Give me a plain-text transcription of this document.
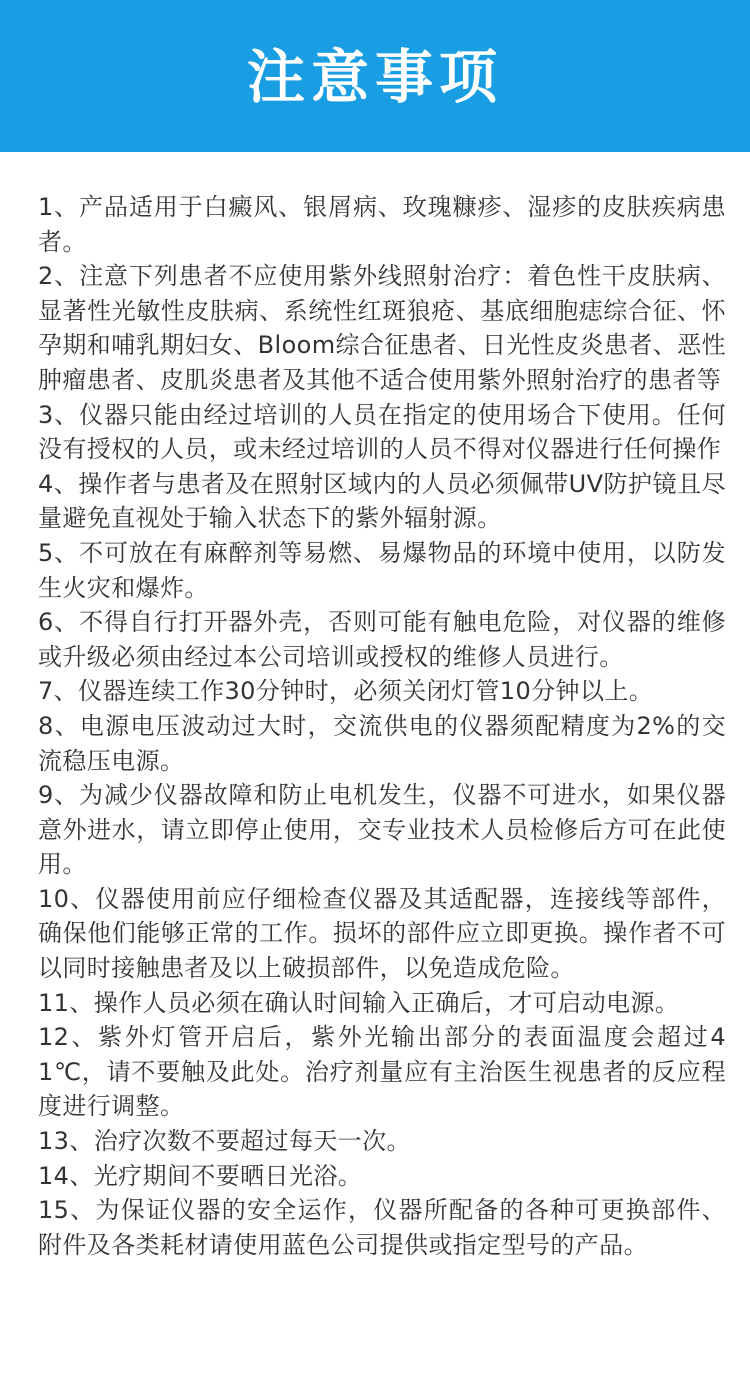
注意事项

1、产品适用于白癜风、银屑病、玫瑰糠疹、湿疹的皮肤疾病患者。

2、注意下列患者不应使用紫外线照射治疗：着色性干皮肤病、显著性光敏性皮肤病、系统性红斑狼疮、基底细胞痣综合征、怀孕期和哺乳期妇女、Bloom综合征患者、日光性皮炎患者、恶性肿瘤患者、皮肌炎患者及其他不适合使用紫外照射治疗的患者等

3、仪器只能由经过培训的人员在指定的使用场合下使用。任何没有授权的人员，或未经过培训的人员不得对仪器进行任何操作

4、操作者与患者及在照射区域内的人员必须佩带UV防护镜且尽量避免直视处于输入状态下的紫外辐射源。

5、不可放在有麻醉剂等易燃、易爆物品的环境中使用，以防发生火灾和爆炸。

6、不得自行打开器外壳，否则可能有触电危险，对仪器的维修或升级必须由经过本公司培训或授权的维修人员进行。

7、仪器连续工作30分钟时，必须关闭灯管10分钟以上。

8、电源电压波动过大时，交流供电的仪器须配精度为2%的交流稳压电源。

9、为减少仪器故障和防止电机发生，仪器不可进水，如果仪器意外进水，请立即停止使用，交专业技术人员检修后方可在此使用。

10、仪器使用前应仔细检查仪器及其适配器，连接线等部件，确保他们能够正常的工作。损坏的部件应立即更换。操作者不可以同时接触患者及以上破损部件，以免造成危险。

11、操作人员必须在确认时间输入正确后，才可启动电源。

12、紫外灯管开启后，紫外光输出部分的表面温度会超过41℃，请不要触及此处。治疗剂量应有主治医生视患者的反应程度进行调整。

13、治疗次数不要超过每天一次。

14、光疗期间不要晒日光浴。

15、为保证仪器的安全运作，仪器所配备的各种可更换部件、附件及各类耗材请使用蓝色公司提供或指定型号的产品。
